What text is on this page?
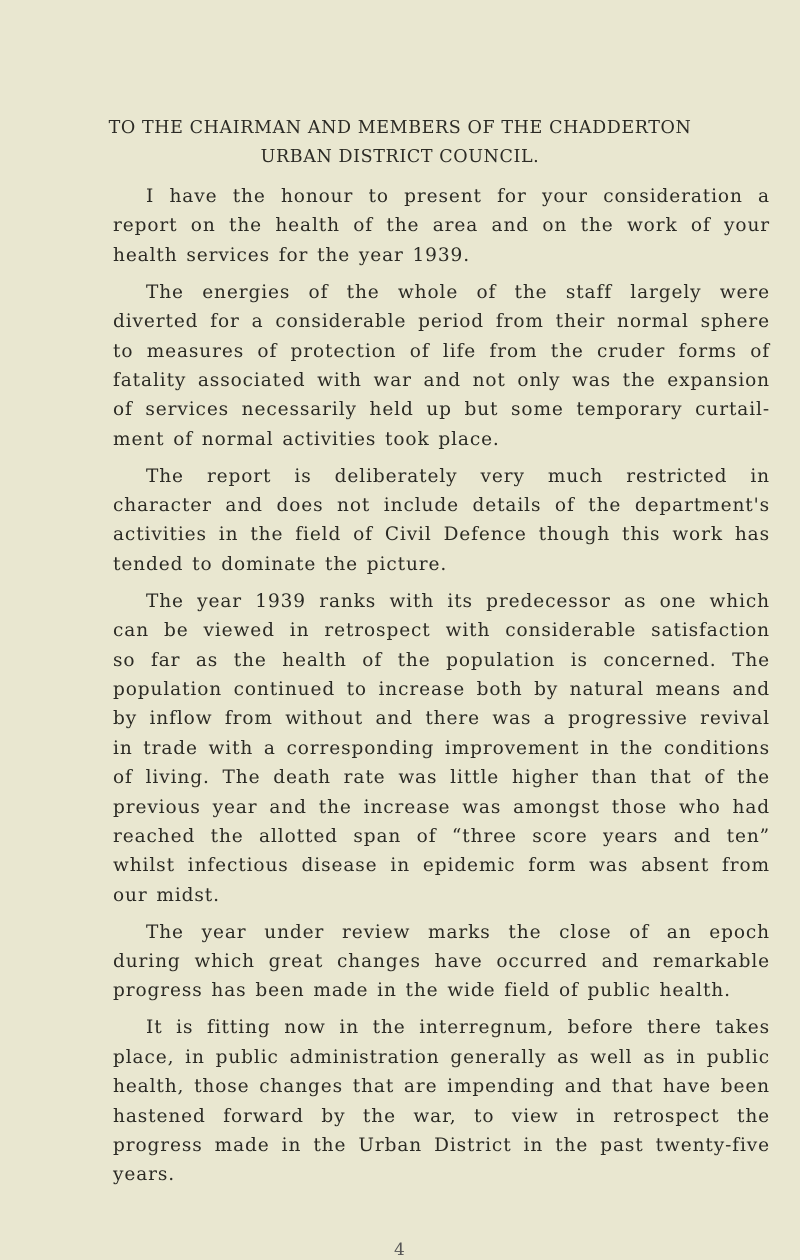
TO THE CHAIRMAN AND MEMBERS OF THE CHADDERTON
URBAN DISTRICT COUNCIL.
I have the honour to present for your consideration a
report on the health of the area and on the work of your
health services for the year 1939.
The energies of the whole of the staff largely were
diverted for a considerable period from their normal sphere
to measures of protection of life from the cruder forms of
fatality associated with war and not only was the expansion
of services necessarily held up but some temporary curtail-
ment of normal activities took place.
The report is deliberately very much restricted in
character and does not include details of the department's
activities in the field of Civil Defence though this work has
tended to dominate the picture.
The year 1939 ranks with its predecessor as one which
can be viewed in retrospect with considerable satisfaction
so far as the health of the population is concerned. The
population continued to increase both by natural means and
by inflow from without and there was a progressive revival
in trade with a corresponding improvement in the conditions
of living. The death rate was little higher than that of the
previous year and the increase was amongst those who had
reached the allotted span of “three score years and ten”
whilst infectious disease in epidemic form was absent from
our midst.
The year under review marks the close of an epoch
during which great changes have occurred and remarkable
progress has been made in the wide field of public health.
It is fitting now in the interregnum, before there takes
place, in public administration generally as well as in public
health, those changes that are impending and that have been
hastened forward by the war, to view in retrospect the
progress made in the Urban District in the past twenty-five
years.
4
